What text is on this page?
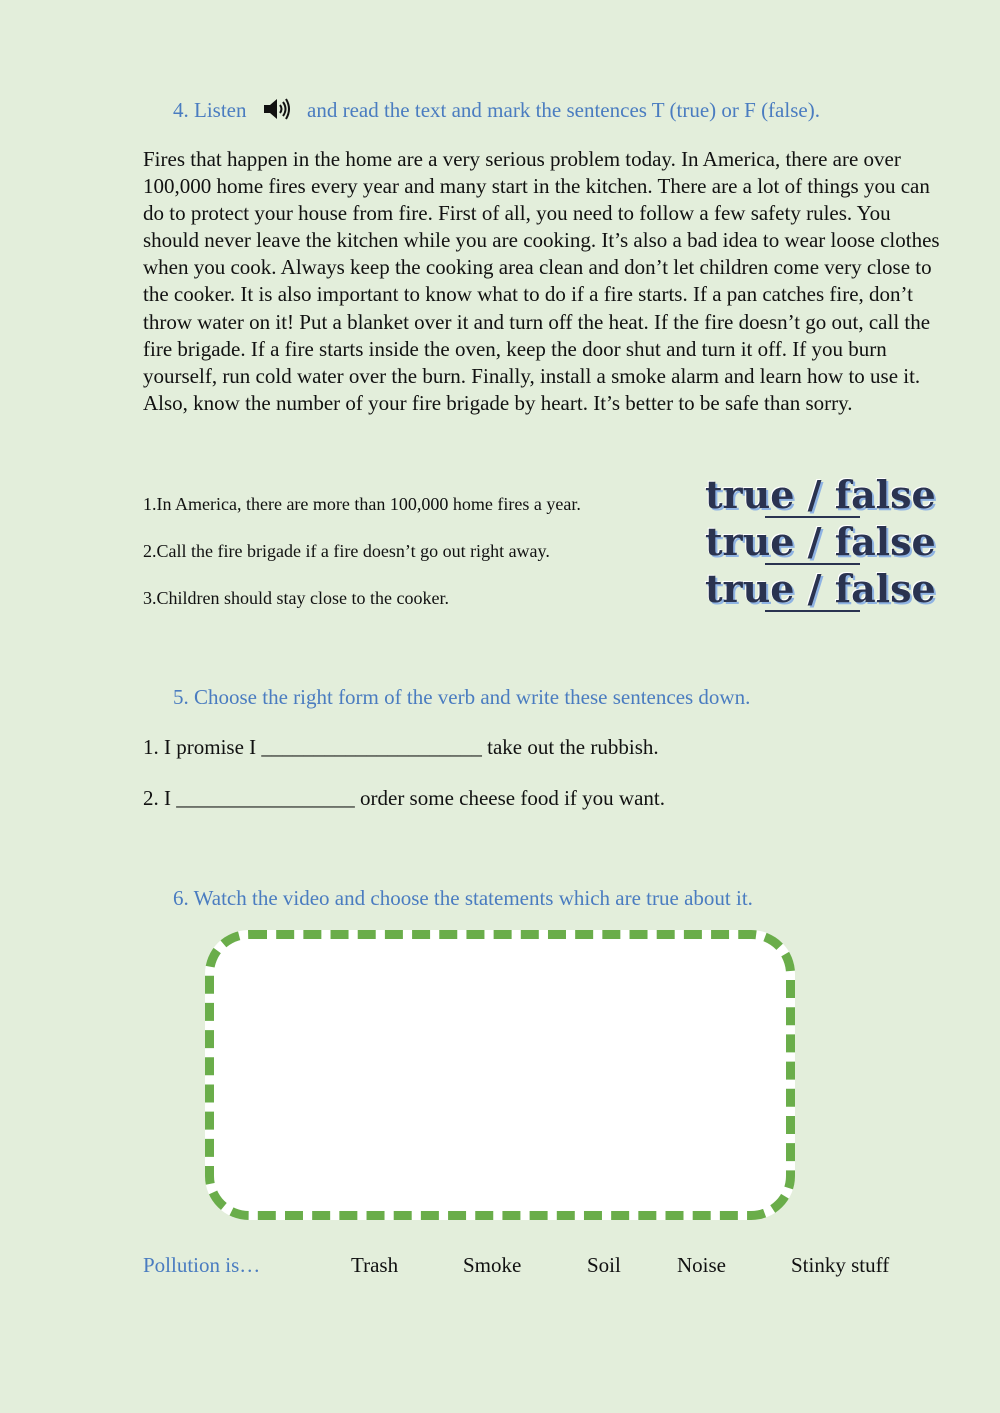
4. Listen	and read the text and mark the sentences T (true) or F (false).
Fires that happen in the home are a very serious problem today. In America, there are over 100,000 home fires every year and many start in the kitchen. There are a lot of things you can do to protect your house from fire. First of all, you need to follow a few safety rules. You should never leave the kitchen while you are cooking. It’s also a bad idea to wear loose clothes when you cook. Always keep the cooking area clean and don’t let children come very close to the cooker. It is also important to know what to do if a fire starts. If a pan catches fire, don’t throw water on it! Put a blanket over it and turn off the heat. If the fire doesn’t go out, call the fire brigade. If a fire starts inside the oven, keep the door shut and turn it off. If you burn yourself, run cold water over the burn. Finally, install a smoke alarm and learn how to use it. Also, know the number of your fire brigade by heart. It’s better to be safe than sorry.
1.In America, there are more than 100,000 home fires a year.	true / false
2.Call the fire brigade if a fire doesn’t go out right away.	true / false
3.Children should stay close to the cooker.	true / false
5. Choose the right form of the verb and write these sentences down.
1. I promise I _____________________ take out the rubbish.
2. I _________________ order some cheese food if you want.
6. Watch the video and choose the statements which are true about it.
Pollution is…	Trash	Smoke	Soil	Noise	Stinky stuff
